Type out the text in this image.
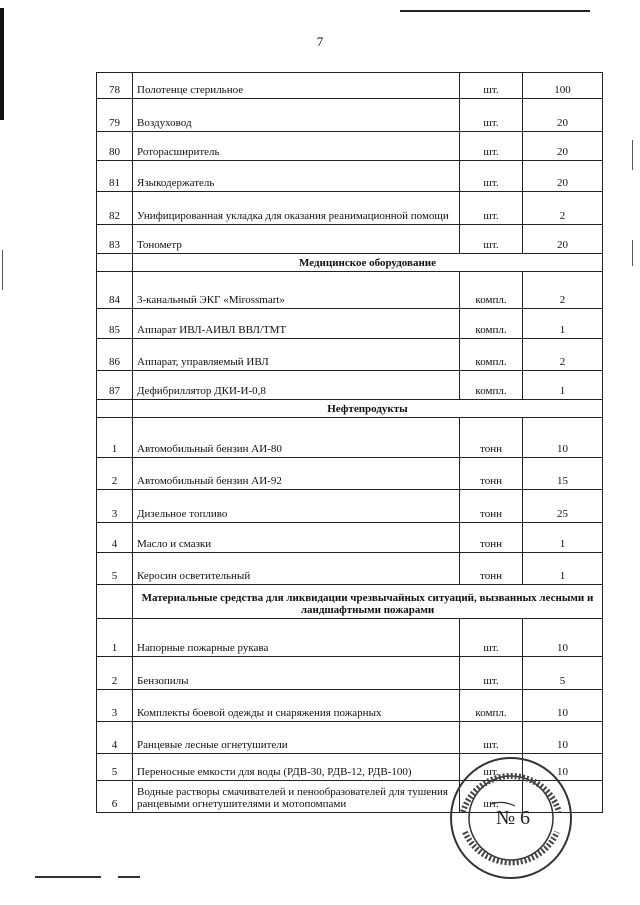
7
78	Полотенце стерильное	шт.	100
79	Воздуховод	шт.	20
80	Роторасширитель	шт.	20
81	Языкодержатель	шт.	20
82	Унифицированная укладка для оказания реанимационной помощи	шт.	2
83	Тонометр	шт.	20
	Медицинское оборудование		
84	3-канальный ЭКГ «Mirossmart»	компл.	2
85	Аппарат ИВЛ-АИВЛ ВВЛ/ТМТ	компл.	1
86	Аппарат, управляемый ИВЛ	компл.	2
87	Дефибриллятор ДКИ-И-0,8	компл.	1
	Нефтепродукты		
1	Автомобильный бензин АИ-80	тонн	10
2	Автомобильный бензин АИ-92	тонн	15
3	Дизельное топливо	тонн	25
4	Масло и смазки	тонн	1
5	Керосин осветительный	тонн	1
	Материальные средства для ликвидации чрезвычайных ситуаций, вызванных лесными и ландшафтными пожарами		
1	Напорные пожарные рукава	шт.	10
2	Бензопилы	шт.	5
3	Комплекты боевой одежды и снаряжения пожарных	компл.	10
4	Ранцевые лесные огнетушители	шт.	10
5	Переносные емкости для воды (РДВ-30, РДВ-12, РДВ-100)	шт.	10
6	Водные растворы смачивателей и пенообразователей для тушения ранцевыми огнетушителями и мотопомпами	шт.	
№ 6
